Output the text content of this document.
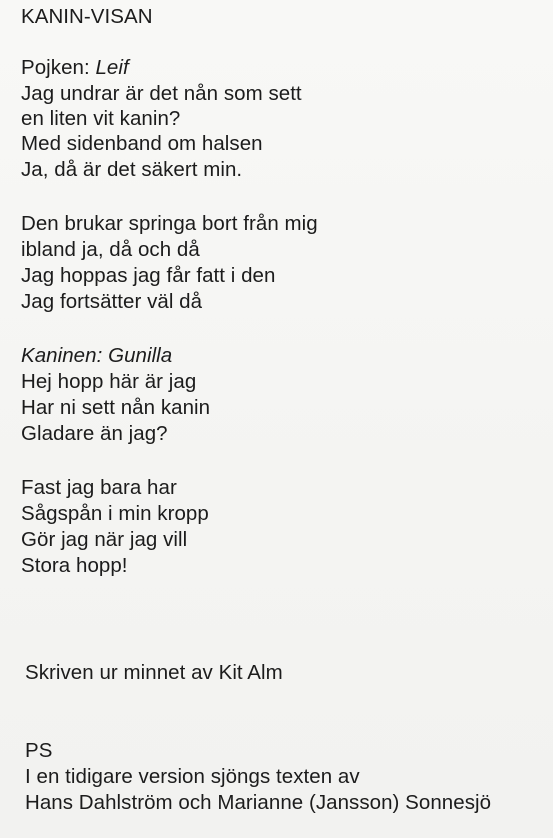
KANIN-VISAN
Pojken: Leif
Jag undrar är det nån som sett
en liten vit kanin?
Med sidenband om halsen
Ja, då är det säkert min.
Den brukar springa bort från mig
ibland ja, då och då
Jag hoppas jag får fatt i den
Jag fortsätter väl då
Kaninen: Gunilla
Hej hopp här är jag
Har ni sett nån kanin
Gladare än jag?
Fast jag bara har
Sågspån i min kropp
Gör jag när jag vill
Stora hopp!
Skriven ur minnet av Kit Alm
PS
I en tidigare version sjöngs texten av
Hans Dahlström och Marianne (Jansson) Sonnesjö
